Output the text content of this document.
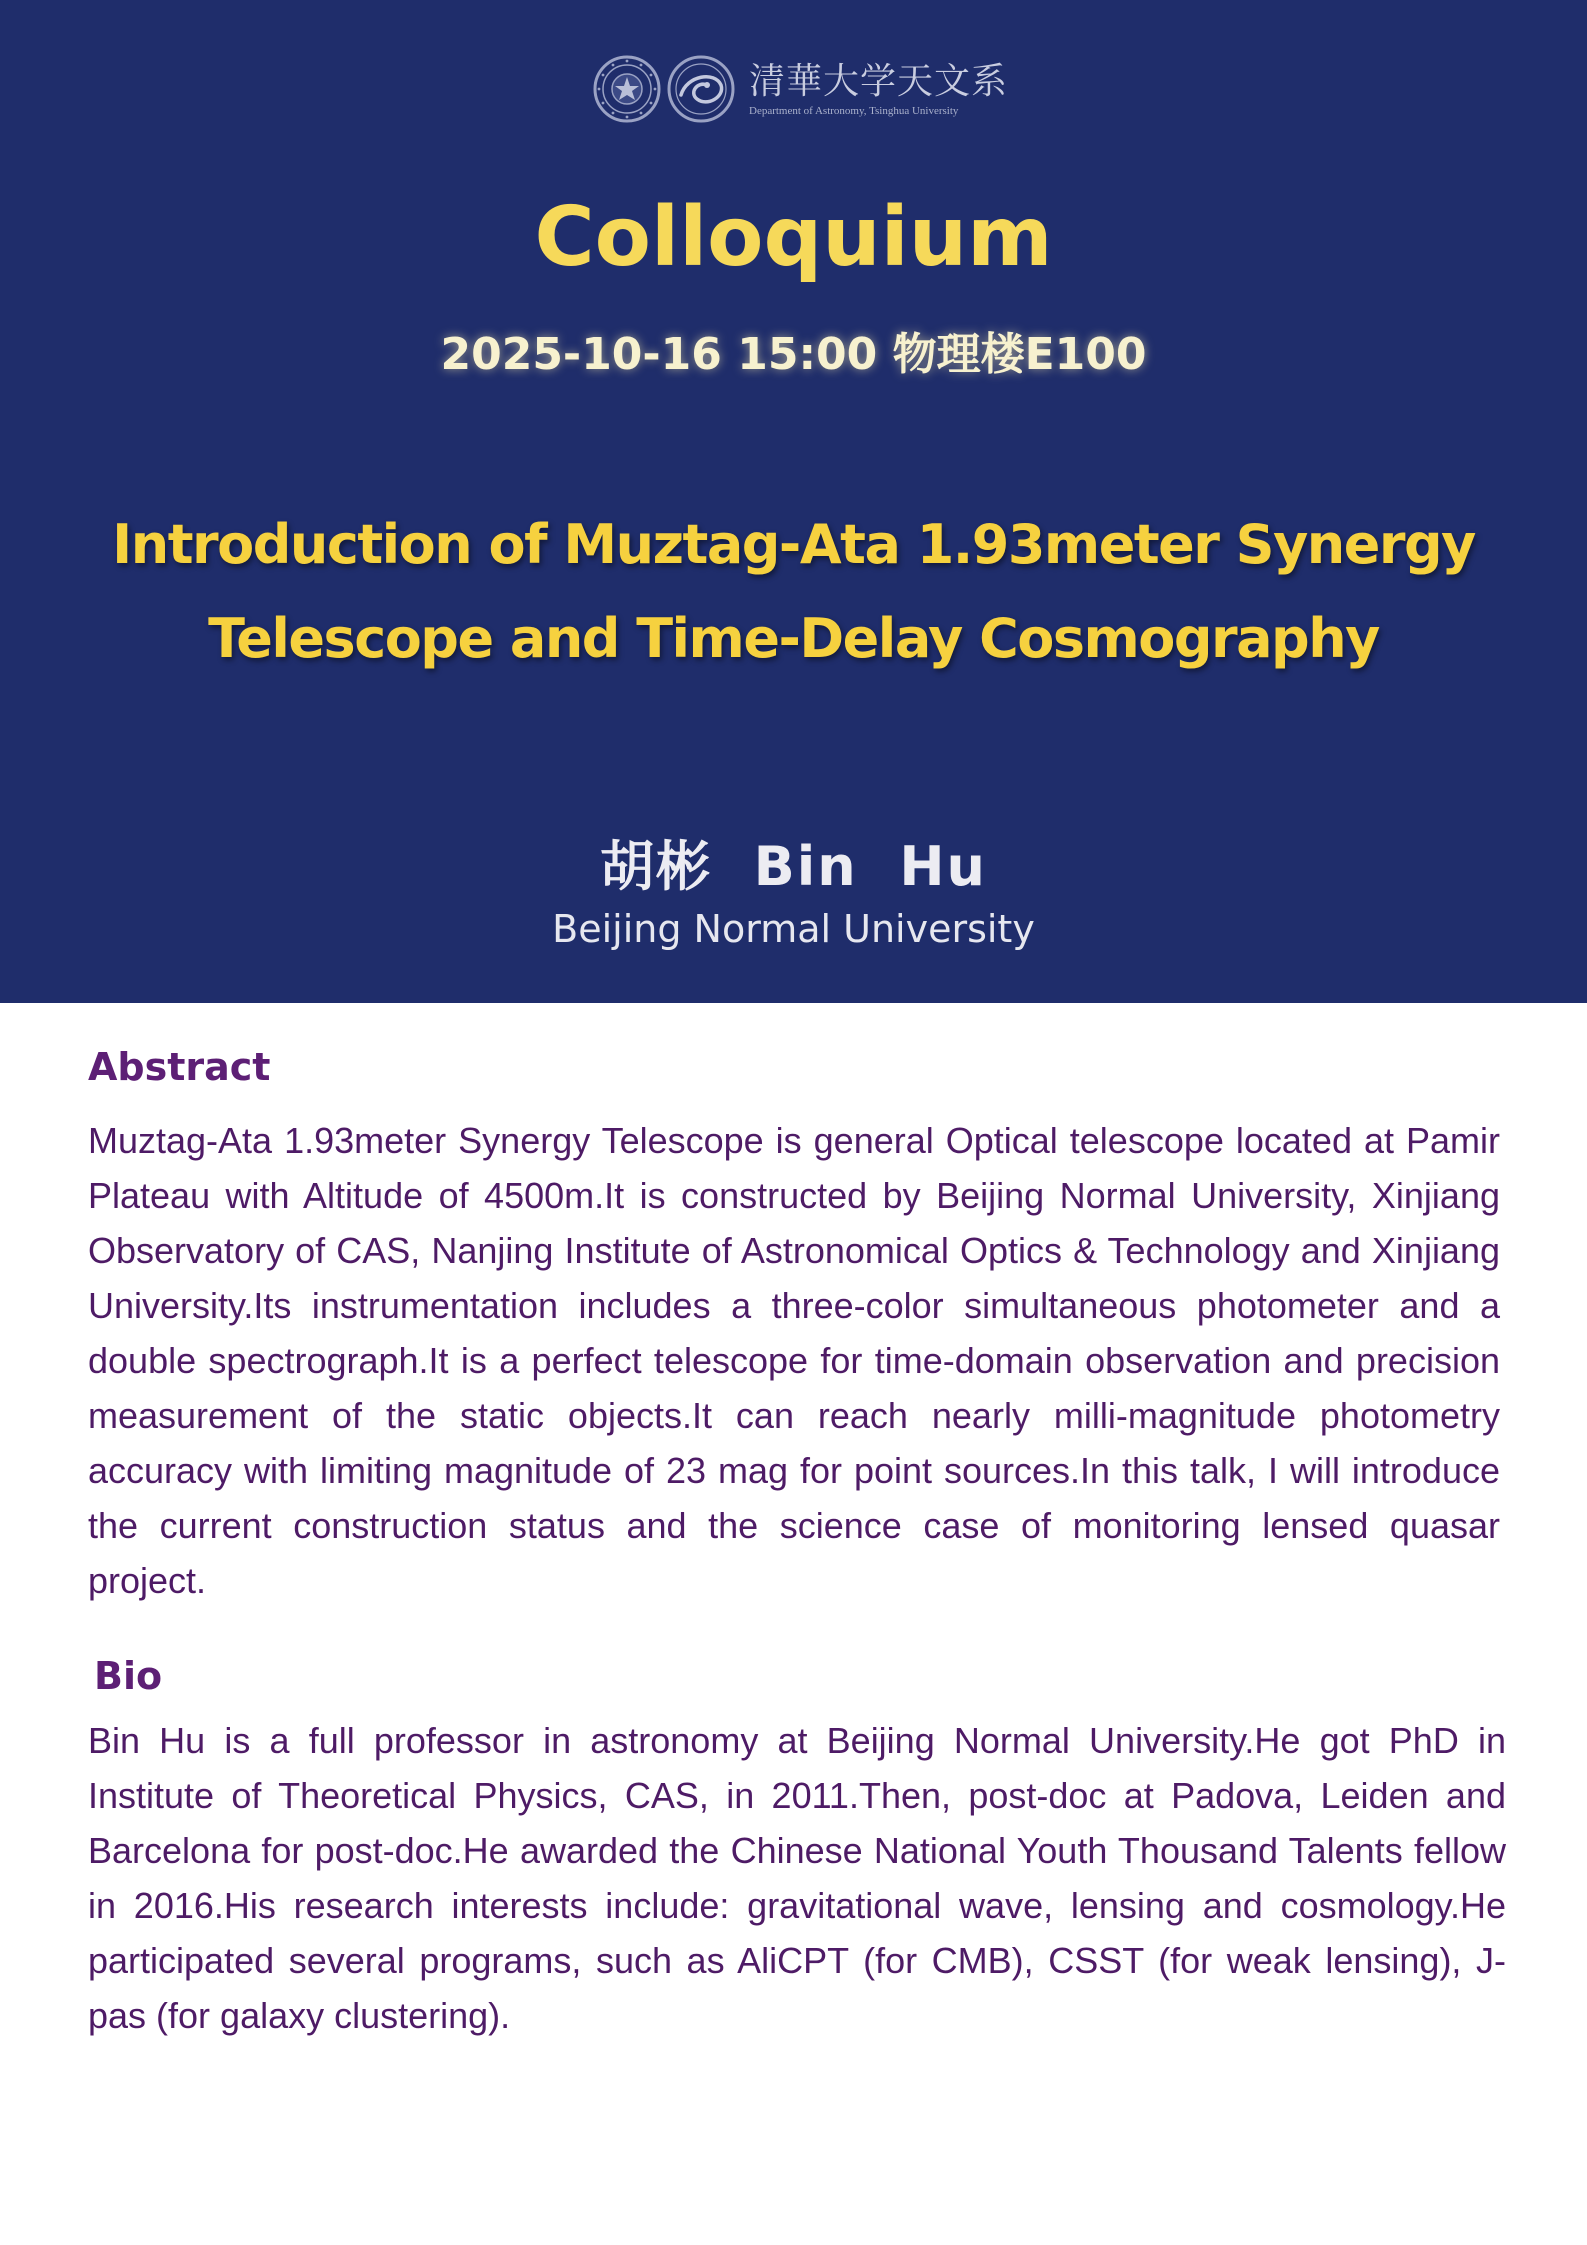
清華大学天文系
Department of Astronomy, Tsinghua University
Colloquium
2025-10-16 15:00 物理楼E100
Introduction of Muztag-Ata 1.93meter Synergy
Telescope and Time-Delay Cosmography
胡彬  Bin  Hu
Beijing Normal University
Abstract

Muztag-Ata 1.93meter Synergy Telescope is general Optical telescope located at Pamir Plateau with Altitude of 4500m.It is constructed by Beijing Normal University, Xinjiang Observatory of CAS, Nanjing Institute of Astronomical Optics & Technology and Xinjiang University.Its instrumentation includes a three-color simultaneous photometer and a double spectrograph.It is a perfect telescope for time-domain observation and precision measurement of the static objects.It can reach nearly milli-magnitude photometry accuracy with limiting magnitude of 23 mag for point sources.In this talk, I will introduce the current construction status and the science case of monitoring lensed quasar project.

Bio

Bin Hu is a full professor in astronomy at Beijing Normal University.He got PhD in Institute of Theoretical Physics, CAS, in 2011.Then, post-doc at Padova, Leiden and Barcelona for post-doc.He awarded the Chinese National Youth Thousand Talents fellow in 2016.His research interests include: gravitational wave, lensing and cosmology.He participated several programs, such as AliCPT (for CMB), CSST (for weak lensing), J-pas (for galaxy clustering).
